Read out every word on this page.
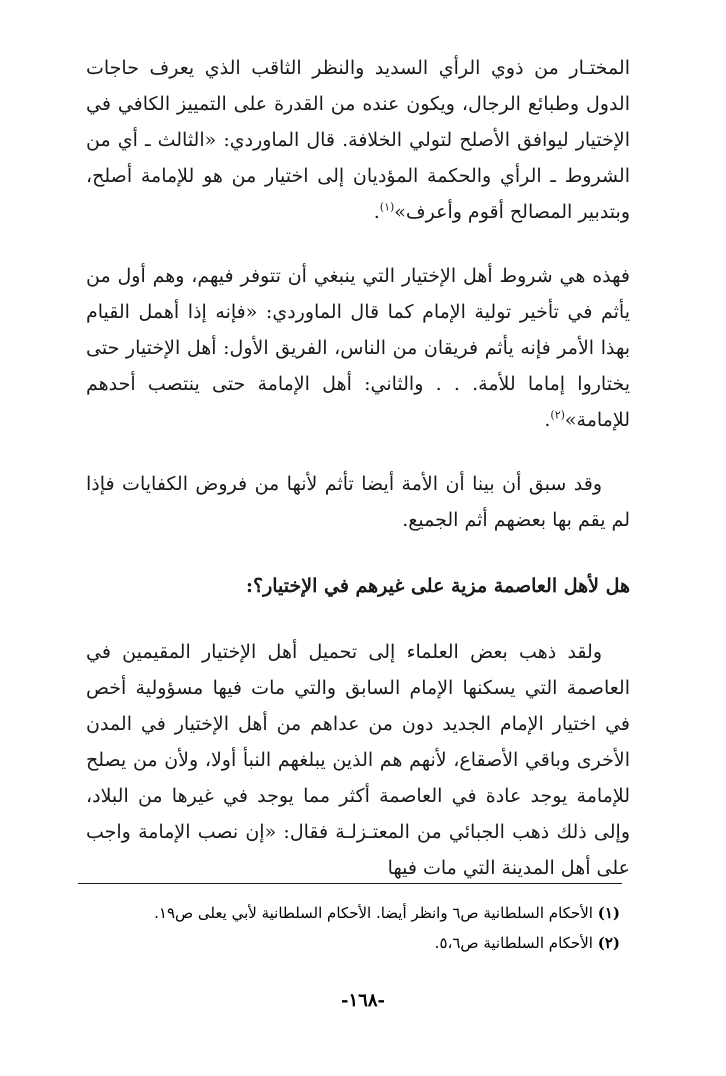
المختـار من ذوي الرأي السديد والنظر الثاقب الذي يعرف حاجات الدول وطبائع الرجال، ويكون عنده من القدرة على التمييز الكافي في الإختيار ليوافق الأصلح لتولي الخلافة. قال الماوردي: «الثالث ـ أي من الشروط ـ الرأي والحكمة المؤديان إلى اختيار من هو للإمامة أصلح، وبتدبير المصالح أقوم وأعرف»$^{(١)}$.

فهذه هي شروط أهل الإختيار التي ينبغي أن تتوفر فيهم، وهم أول من يأثم في تأخير تولية الإمام كما قال الماوردي: «فإنه إذا أهمل القيام بهذا الأمر فإنه يأثم فريقان من الناس، الفريق الأول: أهل الإختيار حتى يختاروا إماما للأمة. . . والثاني: أهل الإمامة حتى ينتصب أحدهم للإمامة»$^{(٢)}$.

وقد سبق أن بينا أن الأمة أيضا تأثم لأنها من فروض الكفايات فإذا لم يقم بها بعضهم أثم الجميع.

هل لأهل العاصمة مزية على غيرهم في الإختيار؟:

ولقد ذهب بعض العلماء إلى تحميل أهل الإختيار المقيمين في العاصمة التي يسكنها الإمام السابق والتي مات فيها مسؤولية أخص في اختيار الإمام الجديد دون من عداهم من أهل الإختيار في المدن الأخرى وباقي الأصقاع، لأنهم هم الذين يبلغهم النبأ أولا، ولأن من يصلح للإمامة يوجد عادة في العاصمة أكثر مما يوجد في غيرها من البلاد، وإلى ذلك ذهب الجبائي من المعتـزلـة فقال: «إن نصب الإمامة واجب على أهل المدينة التي مات فيها

(١) الأحكام السلطانية ص٦ وانظر أيضا. الأحكام السلطانية لأبي يعلى ص١٩.
(٢) الأحكام السلطانية ص٥،٦.
-١٦٨-
